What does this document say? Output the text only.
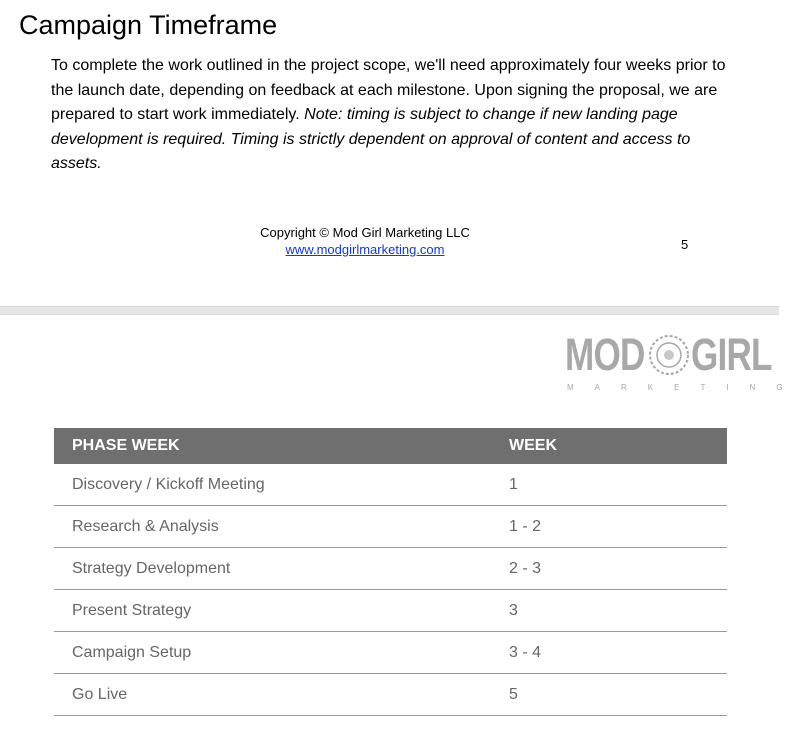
Campaign Timeframe

To complete the work outlined in the project scope, we'll need approximately four weeks prior to the launch date, depending on feedback at each milestone. Upon signing the proposal, we are prepared to start work immediately. Note: timing is subject to change if new landing page development is required. Timing is strictly dependent on approval of content and access to assets.

Copyright © Mod Girl Marketing LLC
www.modgirlmarketing.com	5
MOD GIRL
MARKETING
PHASE WEEK	WEEK
Discovery / Kickoff Meeting	1
Research & Analysis	1 - 2
Strategy Development	2 - 3
Present Strategy	3
Campaign Setup	3 - 4
Go Live	5
